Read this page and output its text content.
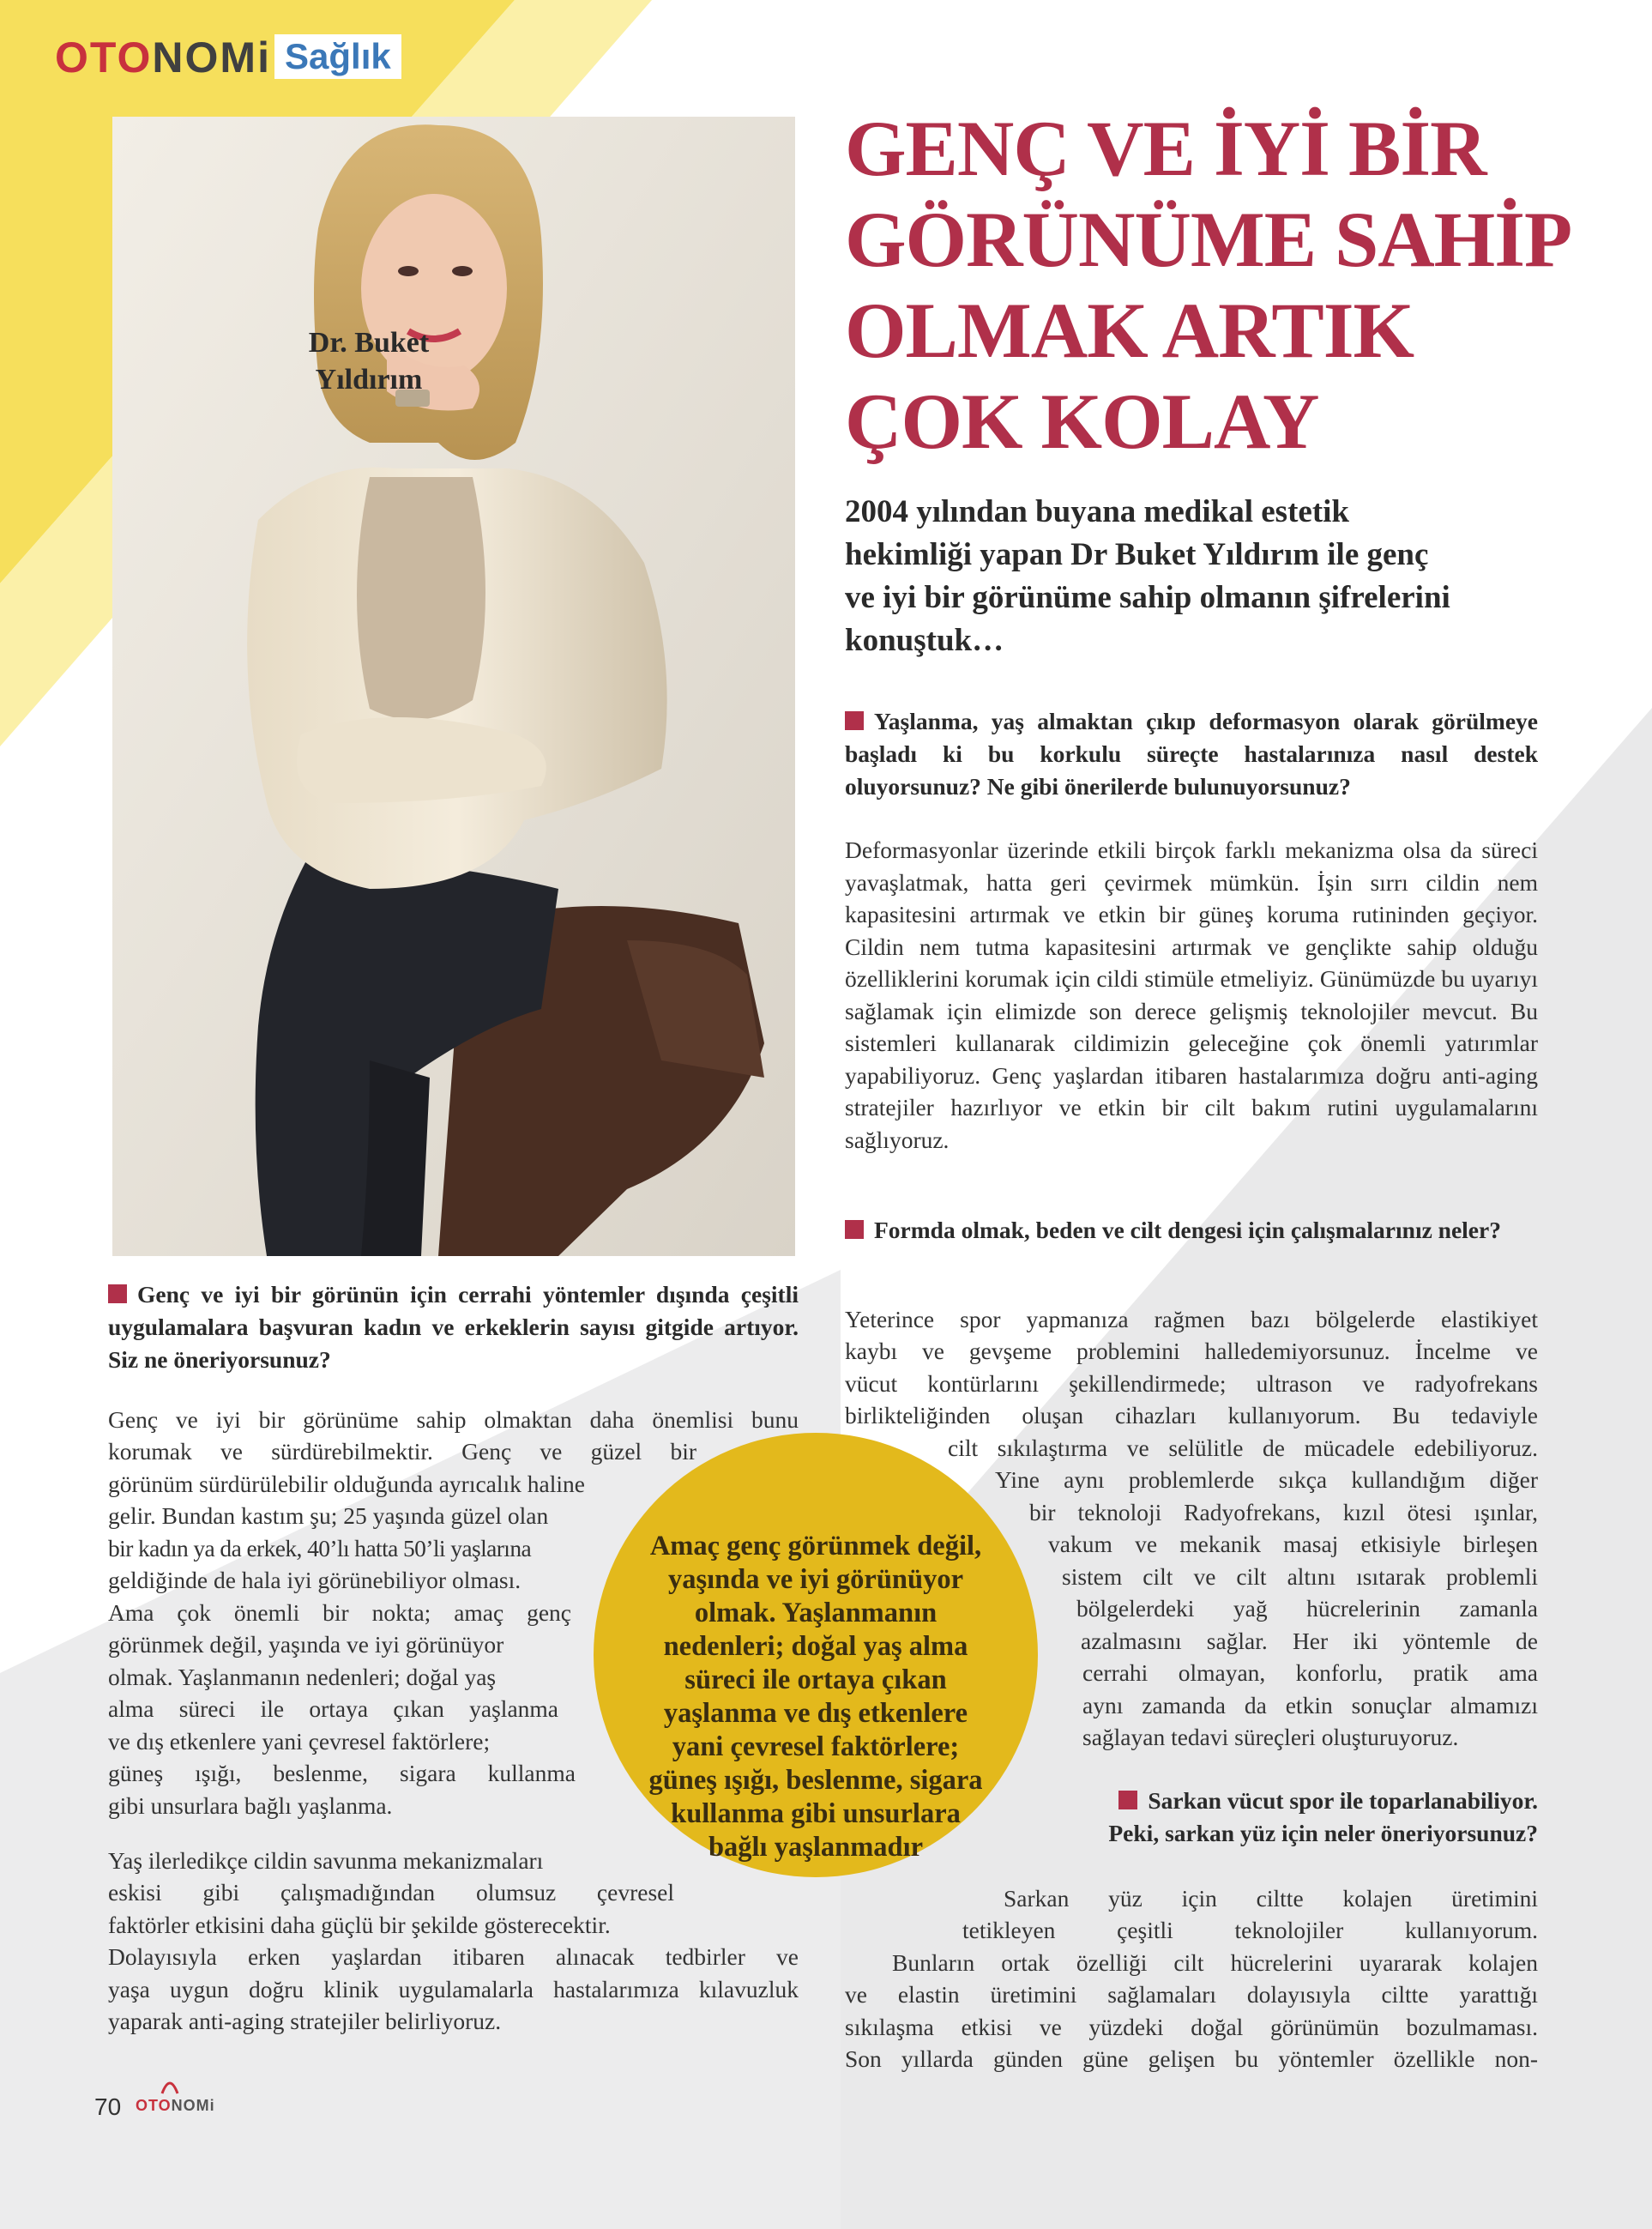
OTONOMi Sağlık
Dr. Buket
Yıldırım
GENÇ VE İYİ BİR
GÖRÜNÜME SAHİP
OLMAK ARTIK
ÇOK KOLAY
2004 yılından buyana medikal estetik
hekimliği yapan Dr Buket Yıldırım ile genç
ve iyi bir görünüme sahip olmanın şifrelerini
konuştuk…
Yaşlanma, yaş almaktan çıkıp deformasyon olarak görülmeye başladı ki bu korkulu süreçte hastalarınıza nasıl destek oluyorsunuz? Ne gibi önerilerde bulunuyorsunuz?
Deformasyonlar üzerinde etkili birçok farklı mekanizma olsa da süreci yavaşlatmak, hatta geri çevirmek mümkün. İşin sırrı cildin nem kapasitesini artırmak ve etkin bir güneş koruma rutininden geçiyor. Cildin nem tutma kapasitesini artırmak ve gençlikte sahip olduğu özelliklerini korumak için cildi stimüle etmeliyiz. Günümüzde bu uyarıyı sağlamak için elimizde son derece gelişmiş teknolojiler mevcut. Bu sistemleri kullanarak cildimizin geleceğine çok önemli yatırımlar yapabiliyoruz. Genç yaşlardan itibaren hastalarımıza doğru anti-aging stratejiler hazırlıyor ve etkin bir cilt bakım rutini uygulamalarını sağlıyoruz.
Formda olmak, beden ve cilt dengesi için çalışmalarınız neler?
Yeterince spor yapmanıza rağmen bazı bölgelerde elastikiyet
kaybı ve gevşeme problemini halledemiyorsunuz. İncelme ve
vücut kontürlarını şekillendirmede; ultrason ve radyofrekans
birlikteliğinden oluşan cihazları kullanıyorum. Bu tedaviyle
cilt sıkılaştırma ve selülitle de mücadele edebiliyoruz.
Yine aynı problemlerde sıkça kullandığım diğer
bir teknoloji Radyofrekans, kızıl ötesi ışınlar,
vakum ve mekanik masaj etkisiyle birleşen
sistem cilt ve cilt altını ısıtarak problemli
bölgelerdeki yağ hücrelerinin zamanla
azalmasını sağlar. Her iki yöntemle de
cerrahi olmayan, konforlu, pratik ama
aynı zamanda da etkin sonuçlar almamızı
sağlayan tedavi süreçleri oluşturuyoruz.
Sarkan vücut spor ile toparlanabiliyor.
Peki, sarkan yüz için neler öneriyorsunuz?
Sarkan yüz için ciltte kolajen üretimini
tetikleyen çeşitli teknolojiler kullanıyorum.
Bunların ortak özelliği cilt hücrelerini uyararak kolajen
ve elastin üretimini sağlamaları dolayısıyla ciltte yarattığı
sıkılaşma etkisi ve yüzdeki doğal görünümün bozulmaması.
Son yıllarda günden güne gelişen bu yöntemler özellikle non-
Genç ve iyi bir görünün için cerrahi yöntemler dışında çeşitli uygulamalara başvuran kadın ve erkeklerin sayısı gitgide artıyor. Siz ne öneriyorsunuz?
Genç ve iyi bir görünüme sahip olmaktan daha önemlisi bunu
korumak ve sürdürebilmektir. Genç ve güzel bir
görünüm sürdürülebilir olduğunda ayrıcalık haline
gelir. Bundan kastım şu; 25 yaşında güzel olan
bir kadın ya da erkek, 40’lı hatta 50’li yaşlarına
geldiğinde de hala iyi görünebiliyor olması.
Ama çok önemli bir nokta; amaç genç
görünmek değil, yaşında ve iyi görünüyor
olmak. Yaşlanmanın nedenleri; doğal yaş
alma süreci ile ortaya çıkan yaşlanma
ve dış etkenlere yani çevresel faktörlere;
güneş ışığı, beslenme, sigara kullanma
gibi unsurlara bağlı yaşlanma.
Yaş ilerledikçe cildin savunma mekanizmaları
eskisi gibi çalışmadığından olumsuz çevresel
faktörler etkisini daha güçlü bir şekilde gösterecektir.
Dolayısıyla erken yaşlardan itibaren alınacak tedbirler ve
yaşa uygun doğru klinik uygulamalarla hastalarımıza kılavuzluk
yaparak anti-aging stratejiler belirliyoruz.
Amaç genç görünmek değil,
yaşında ve iyi görünüyor
olmak. Yaşlanmanın
nedenleri; doğal yaş alma
süreci ile ortaya çıkan
yaşlanma ve dış etkenlere
yani çevresel faktörlere;
güneş ışığı, beslenme, sigara
kullanma gibi unsurlara
bağlı yaşlanmadır
70 OTONOMi
